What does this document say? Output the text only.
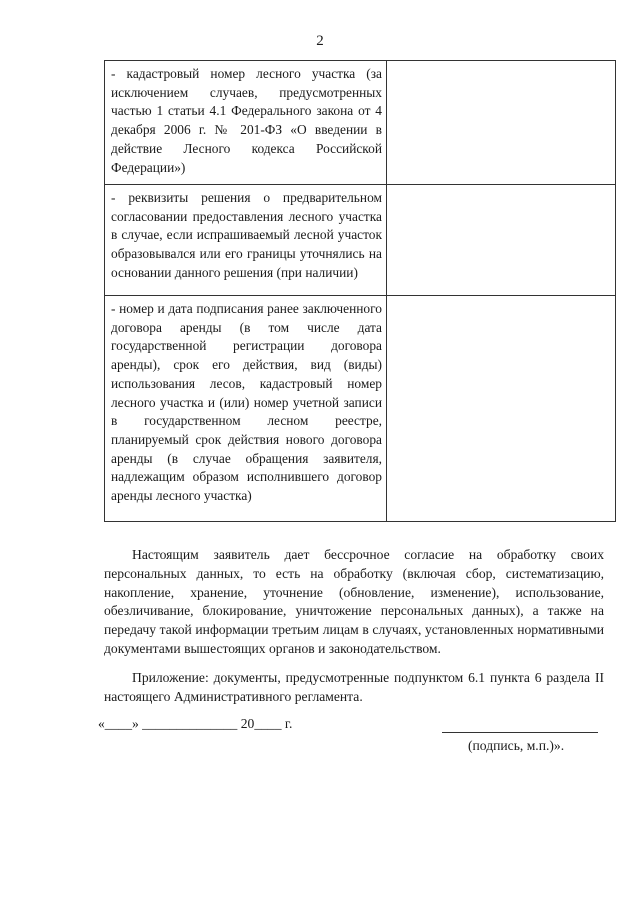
2
- кадастровый номер лесного участка (за исключением случаев, предусмотренных частью 1 статьи 4.1 Федерального закона от 4 декабря 2006 г. № 201-ФЗ «О введении в действие Лесного кодекса Российской Федерации»)	

- реквизиты решения о предварительном согласовании предоставления лесного участка в случае, если испрашиваемый лесной участок образовывался или его границы уточнялись на основании данного решения (при наличии)	

- номер и дата подписания ранее заключенного договора аренды (в том числе дата государственной регистрации договора аренды), срок его действия, вид (виды) использования лесов, кадастровый номер лесного участка и (или) номер учетной записи в государственном лесном реестре, планируемый срок действия нового договора аренды (в случае обращения заявителя, надлежащим образом исполнившего договор аренды лесного участка)	

Настоящим заявитель дает бессрочное согласие на обработку своих персональных данных, то есть на обработку (включая сбор, систематизацию, накопление, хранение, уточнение (обновление, изменение), использование, обезличивание, блокирование, уничтожение персональных данных), а также на передачу такой информации третьим лицам в случаях, установленных нормативными документами вышестоящих органов и законодательством.
Приложение: документы, предусмотренные подпунктом 6.1 пункта 6 раздела II настоящего Административного регламента.
«____» ______________ 20____ г.
(подпись, м.п.)».
